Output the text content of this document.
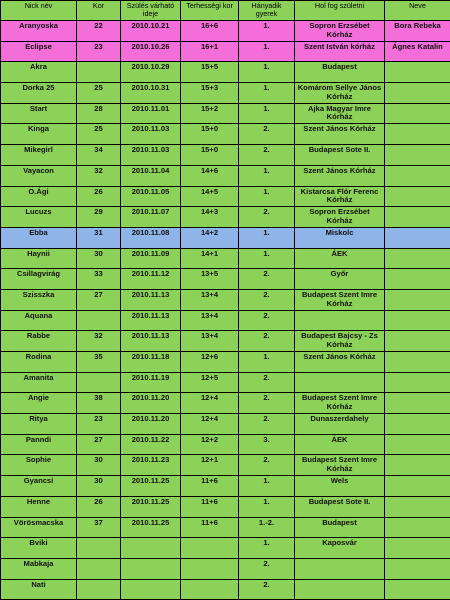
Nick név	Kor	Szülés várható ideje	Terhességi kor	Hányadik gyerek	Hol fog születni	Neve
Aranyoska	22	2010.10.21	16+6	1.	Sopron Erzsébet Kórház	Bora Rebeka
Eclipse	23	2010.10.26	16+1	1.	Szent István kórház	Ágnes Katalin
Akra		2010.10.29	15+5	1.	Budapest	
Dorka 25	25	2010.10.31	15+3	1.	Komárom Sellye János Kórház	
Start	28	2010.11.01	15+2	1.	Ajka Magyar Imre Kórház	
Kinga	25	2010.11.03	15+0	2.	Szent János Kórház	
Mikegirl	34	2010.11.03	15+0	2.	Budapest Sote II.	
Vayacon	32	2010.11.04	14+6	1.	Szent János Kórház	
O.Ági	26	2010.11.05	14+5	1.	Kistarcsa Flór Ferenc Kórház	
Lucuzs	29	2010.11.07	14+3	2.	Sopron Erzsébet Kórház	
Ebba	31	2010.11.08	14+2	1.	Miskolc	
Haynii	30	2010.11.09	14+1	1.	ÁEK	
Csillagvirág	33	2010.11.12	13+5	2.	Győr	
Szisszka	27	2010.11.13	13+4	2.	Budapest Szent Imre Kórház	
Aquana		2010.11.13	13+4	2.		
Rabbe	32	2010.11.13	13+4	2.	Budapest Bajcsy - Zs Kórház	
Rodina	35	2010.11.18	12+6	1.	Szent János Kórház	
Amanita		2010.11.19	12+5	2.		
Angie	38	2010.11.20	12+4	2.	Budapest Szent Imre Kórház	
Ritya	23	2010.11.20	12+4	2.	Dunaszerdahely	
Panndi	27	2010.11.22	12+2	3.	ÁEK	
Sophie	30	2010.11.23	12+1	2.	Budapest Szent Imre Kórház	
Gyancsi	30	2010.11.25	11+6	1.	Wels	
Henne	26	2010.11.25	11+6	1.	Budapest Sote II.	
Vörösmacska	37	2010.11.25	11+6	1.-2.	Budapest	
Bviki				1.	Kaposvár	
Mabkaja				2.		
Nati				2.		
